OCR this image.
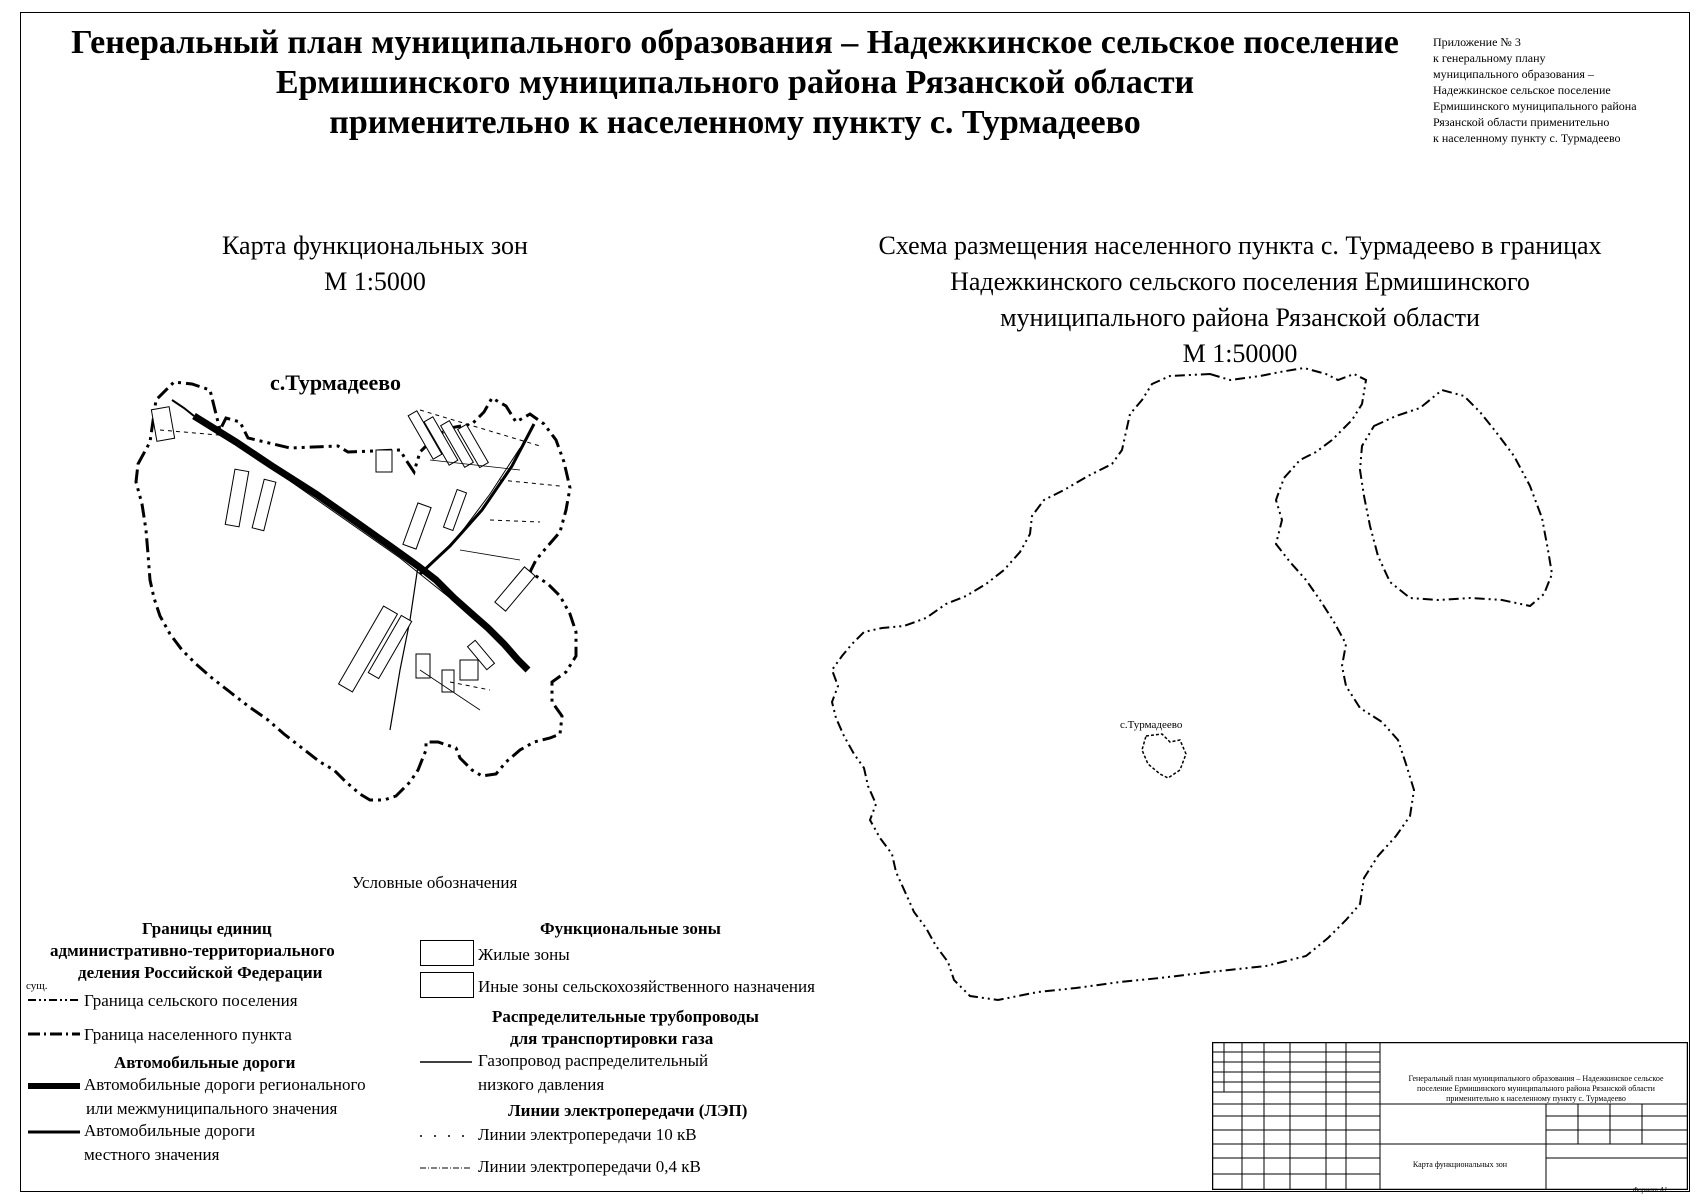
Генеральный план муниципального образования – Надежкинское сельское поселение
Ермишинского муниципального района Рязанской области
применительно к населенному пункту с. Турмадеево
Приложение № 3
к генеральному плану
муниципального образования –
Надежкинское сельское поселение
Ермишинского муниципального района
Рязанской области применительно
к населенному пункту с. Турмадеево
Карта функциональных зон
М 1:5000
Схема размещения населенного пункта с. Турмадеево в границах
Надежкинского сельского поселения Ермишинского
муниципального района Рязанской области
М 1:50000
с.Турмадеево
с.Турмадеево
Условные обозначения
Границы единиц
административно-территориального
деления Российской Федерации
сущ.
Граница сельского поселения
Граница населенного пункта
Автомобильные дороги
Автомобильные дороги регионального
или межмуниципального значения
Автомобильные дороги
местного значения
Функциональные зоны
Жилые зоны
Иные зоны сельскохозяйственного назначения
Распределительные трубопроводы
для транспортировки газа
Газопровод распределительный
низкого давления
Линии электропередачи (ЛЭП)
Линии электропередачи 10 кВ
Линии электропередачи 0,4 кВ
Генеральный план муниципального образования – Надежкинское сельское поселение Ермишинского муниципального района Рязанской области применительно к населенному пункту с. Турмадеево
Карта функциональных зон
Формат А1
